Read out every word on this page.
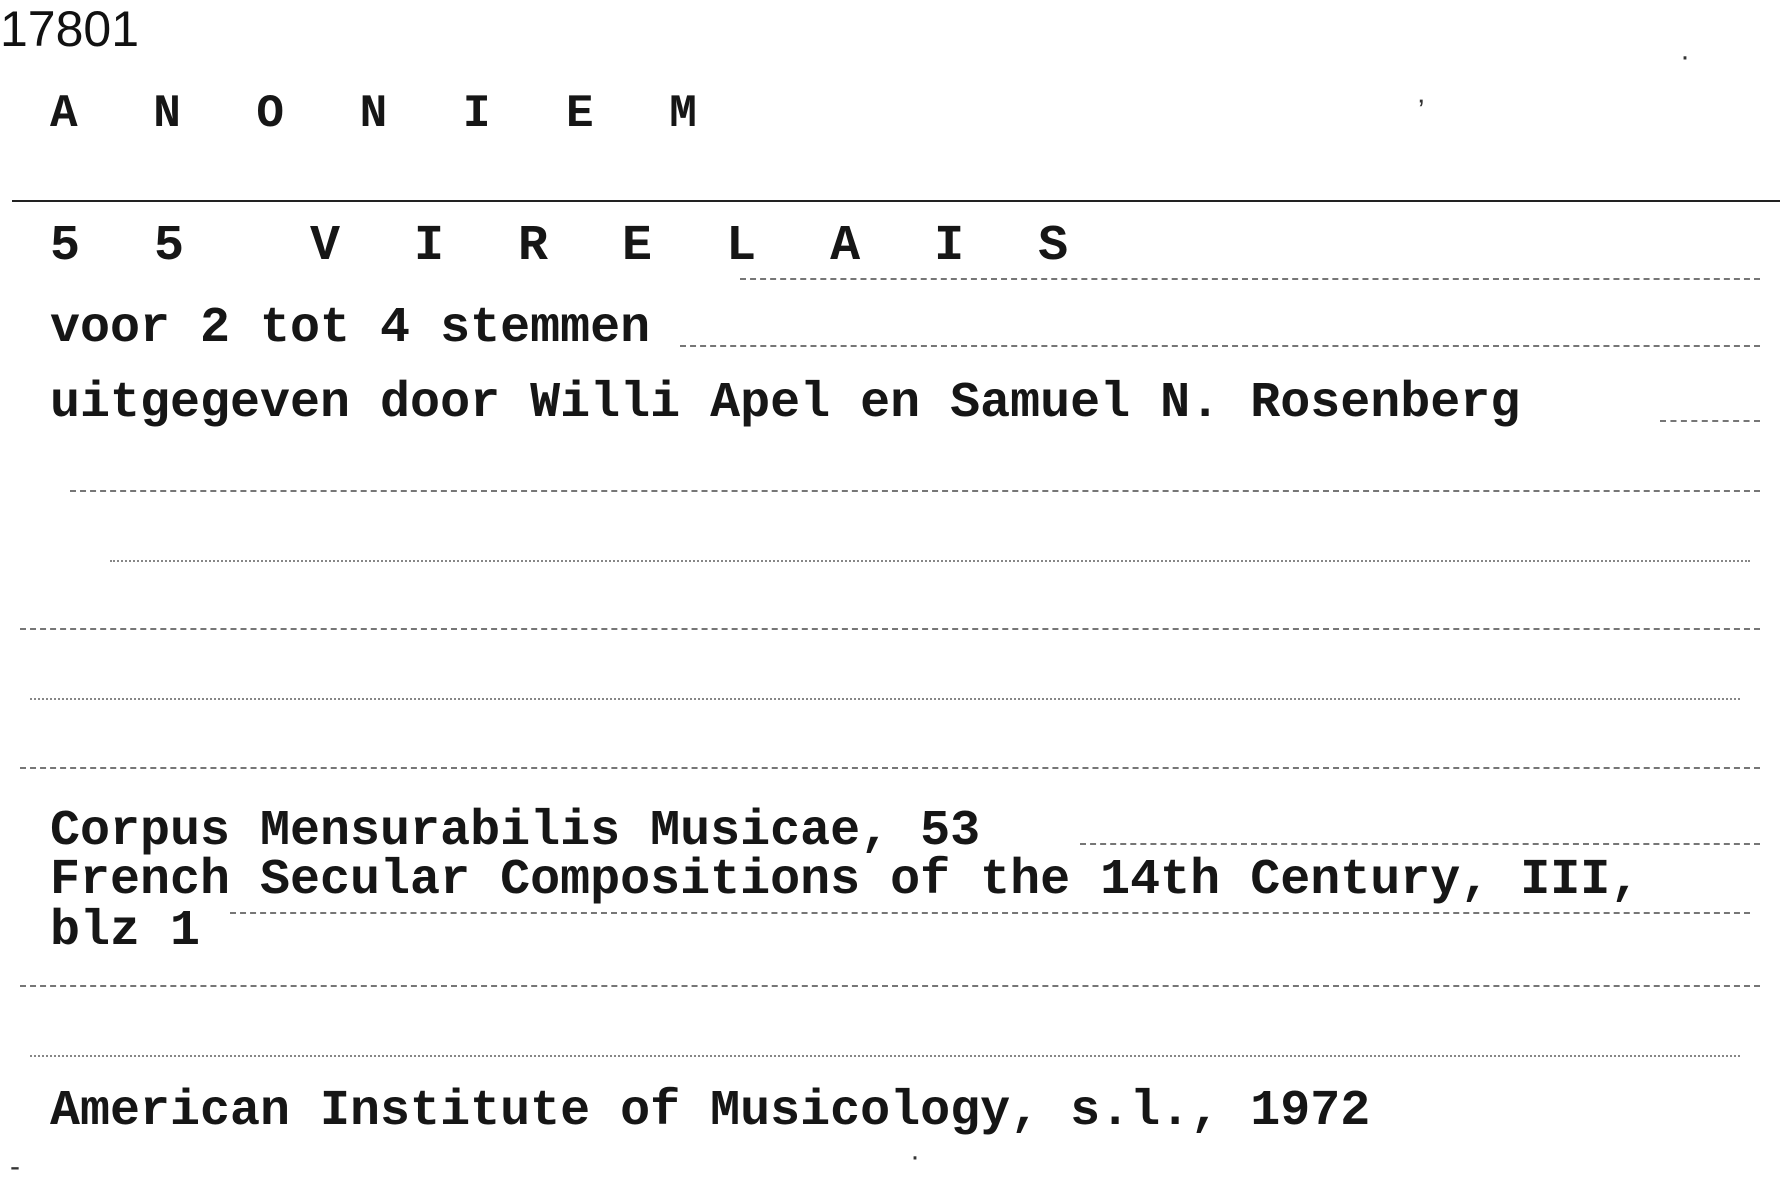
ʼ
·
A N O N I E M
5 5  V I R E L A I S
voor 2 tot 4 stemmen
uitgegeven door Willi Apel en Samuel N. Rosenberg
Corpus Mensurabilis Musicae, 53
French Secular Compositions of the 14th Century, III,
blz 1
American Institute of Musicology, s.l., 1972
17801
-	·
